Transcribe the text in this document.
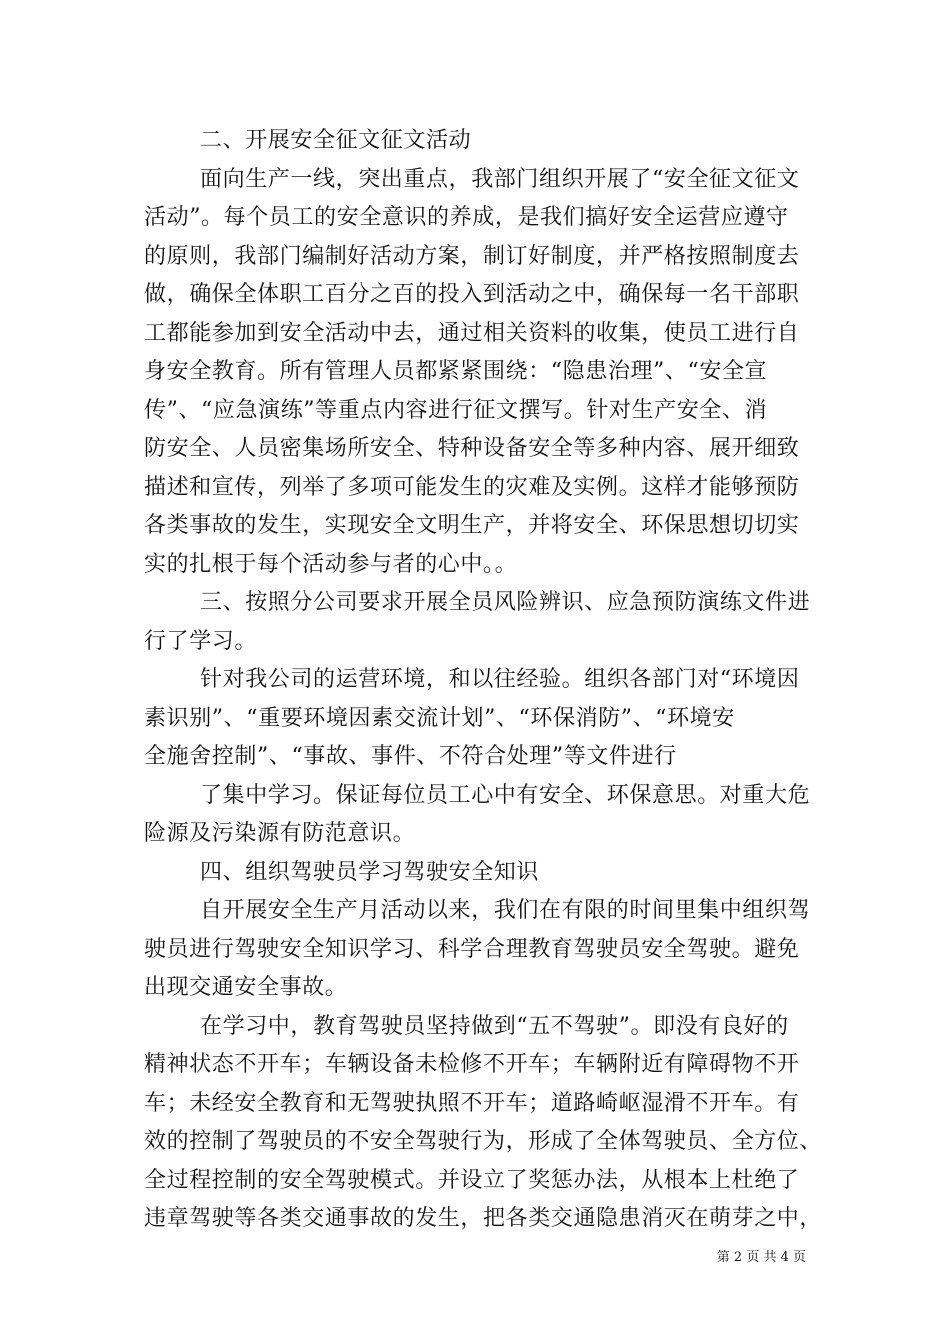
二、开展安全征文征文活动
面向生产一线，突出重点，我部门组织开展了“安全征文征文
活动”。每个员工的安全意识的养成，是我们搞好安全运营应遵守
的原则，我部门编制好活动方案，制订好制度，并严格按照制度去
做，确保全体职工百分之百的投入到活动之中，确保每一名干部职
工都能参加到安全活动中去，通过相关资料的收集，使员工进行自
身安全教育。所有管理人员都紧紧围绕：“隐患治理”、“安全宣
传”、“应急演练”等重点内容进行征文撰写。针对生产安全、消
防安全、人员密集场所安全、特种设备安全等多种内容、展开细致
描述和宣传，列举了多项可能发生的灾难及实例。这样才能够预防
各类事故的发生，实现安全文明生产，并将安全、环保思想切切实
实的扎根于每个活动参与者的心中。。
三、按照分公司要求开展全员风险辨识、应急预防演练文件进
行了学习。
针对我公司的运营环境，和以往经验。组织各部门对“环境因
素识别”、“重要环境因素交流计划”、“环保消防”、“环境安
全施舍控制”、“事故、事件、不符合处理”等文件进行
了集中学习。保证每位员工心中有安全、环保意思。对重大危
险源及污染源有防范意识。
四、组织驾驶员学习驾驶安全知识
自开展安全生产月活动以来，我们在有限的时间里集中组织驾
驶员进行驾驶安全知识学习、科学合理教育驾驶员安全驾驶。避免
出现交通安全事故。
在学习中，教育驾驶员坚持做到“五不驾驶”。即没有良好的
精神状态不开车；车辆设备未检修不开车；车辆附近有障碍物不开
车；未经安全教育和无驾驶执照不开车；道路崎岖湿滑不开车。有
效的控制了驾驶员的不安全驾驶行为，形成了全体驾驶员、全方位、
全过程控制的安全驾驶模式。并设立了奖惩办法，从根本上杜绝了
违章驾驶等各类交通事故的发生，把各类交通隐患消灭在萌芽之中，
第 2 页 共 4 页
